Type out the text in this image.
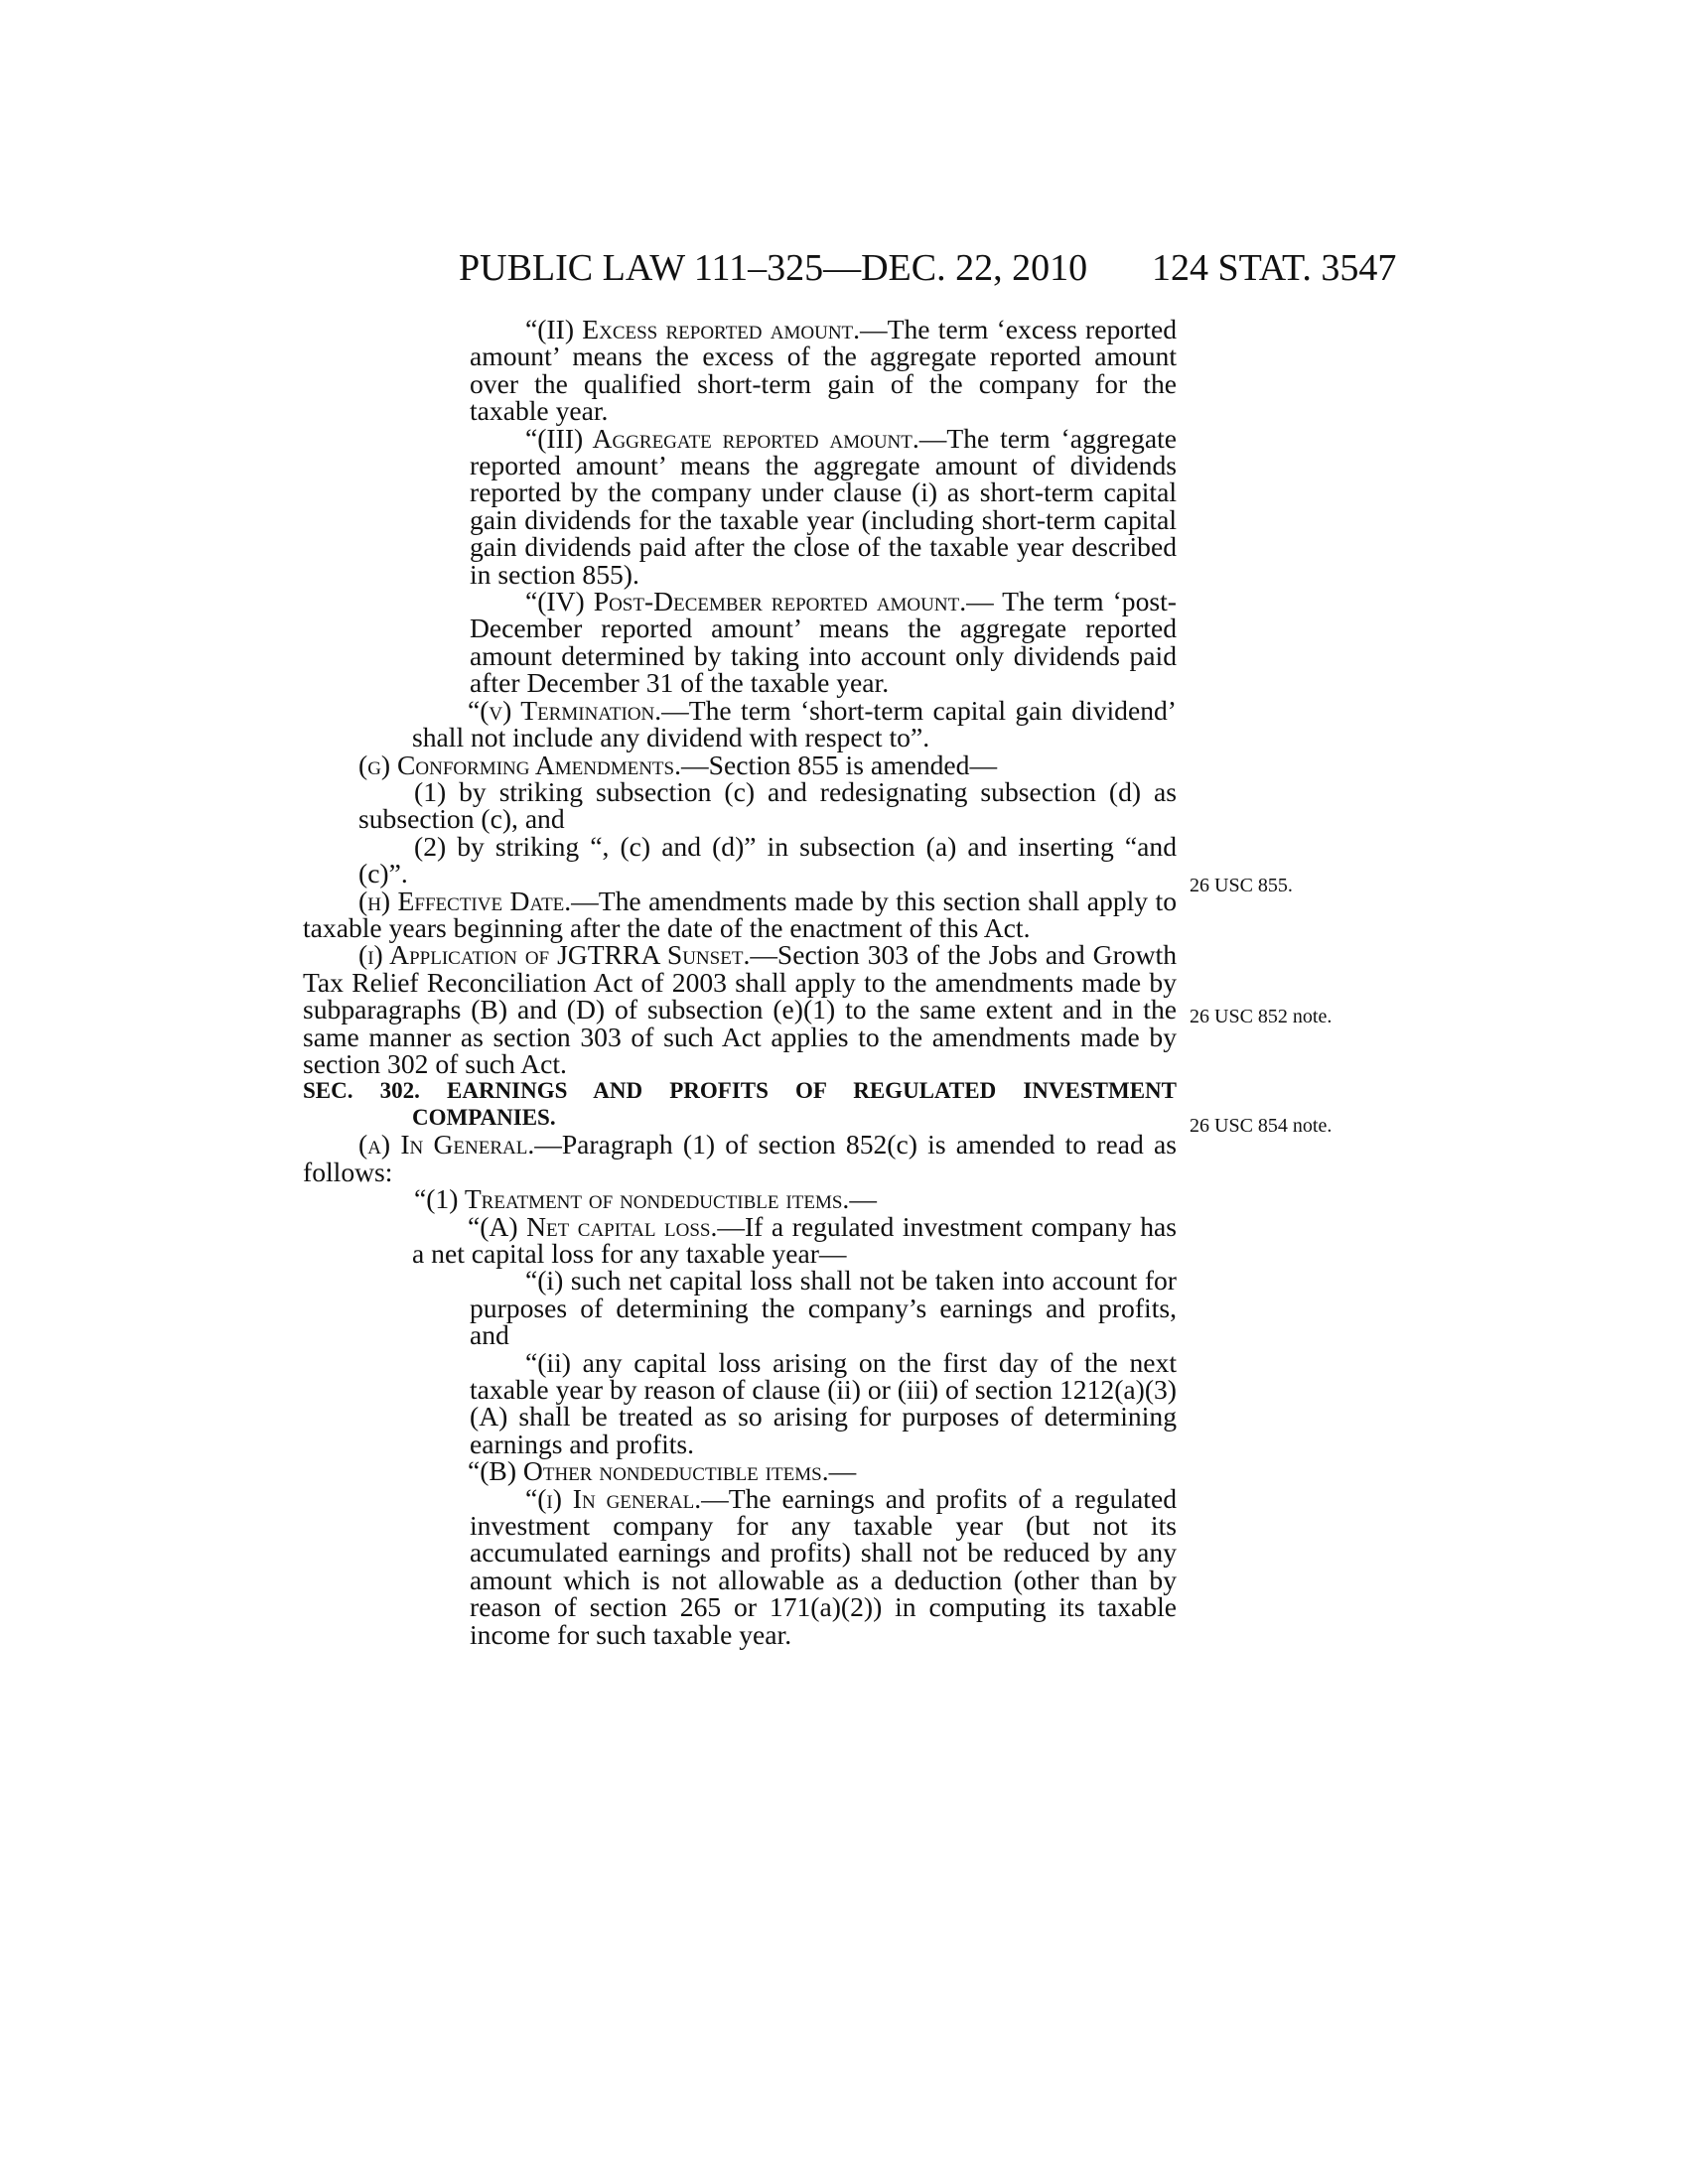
PUBLIC LAW 111–325—DEC. 22, 2010 124 STAT. 3547

“(II) Excess reported amount.—The term ‘excess reported amount’ means the excess of the aggregate reported amount over the qualified short-term gain of the company for the taxable year.

“(III) Aggregate reported amount.—The term ‘aggregate reported amount’ means the aggregate amount of dividends reported by the company under clause (i) as short-term capital gain dividends for the taxable year (including short-term capital gain dividends paid after the close of the taxable year described in section 855).

“(IV) Post-December reported amount.— The term ‘post-December reported amount’ means the aggregate reported amount determined by taking into account only dividends paid after December 31 of the taxable year.

“(v) Termination.—The term ‘short-term capital gain dividend’ shall not include any dividend with respect to”.

(g) Conforming Amendments.—Section 855 is amended—

(1) by striking subsection (c) and redesignating subsection (d) as subsection (c), and

(2) by striking “, (c) and (d)” in subsection (a) and inserting “and (c)”.

(h) Effective Date.—The amendments made by this section shall apply to taxable years beginning after the date of the enactment of this Act.

(i) Application of JGTRRA Sunset.—Section 303 of the Jobs and Growth Tax Relief Reconciliation Act of 2003 shall apply to the amendments made by subparagraphs (B) and (D) of subsection (e)(1) to the same extent and in the same manner as section 303 of such Act applies to the amendments made by section 302 of such Act.

SEC. 302. EARNINGS AND PROFITS OF REGULATED INVESTMENT COMPANIES.

(a) In General.—Paragraph (1) of section 852(c) is amended to read as follows:

“(1) Treatment of nondeductible items.—

“(A) Net capital loss.—If a regulated investment company has a net capital loss for any taxable year—

“(i) such net capital loss shall not be taken into account for purposes of determining the company’s earnings and profits, and

“(ii) any capital loss arising on the first day of the next taxable year by reason of clause (ii) or (iii) of section 1212(a)(3)(A) shall be treated as so arising for purposes of determining earnings and profits.

“(B) Other nondeductible items.—

“(i) In general.—The earnings and profits of a regulated investment company for any taxable year (but not its accumulated earnings and profits) shall not be reduced by any amount which is not allowable as a deduction (other than by reason of section 265 or 171(a)(2)) in computing its taxable income for such taxable year.

26 USC 855.
26 USC 852 note.
26 USC 854 note.
